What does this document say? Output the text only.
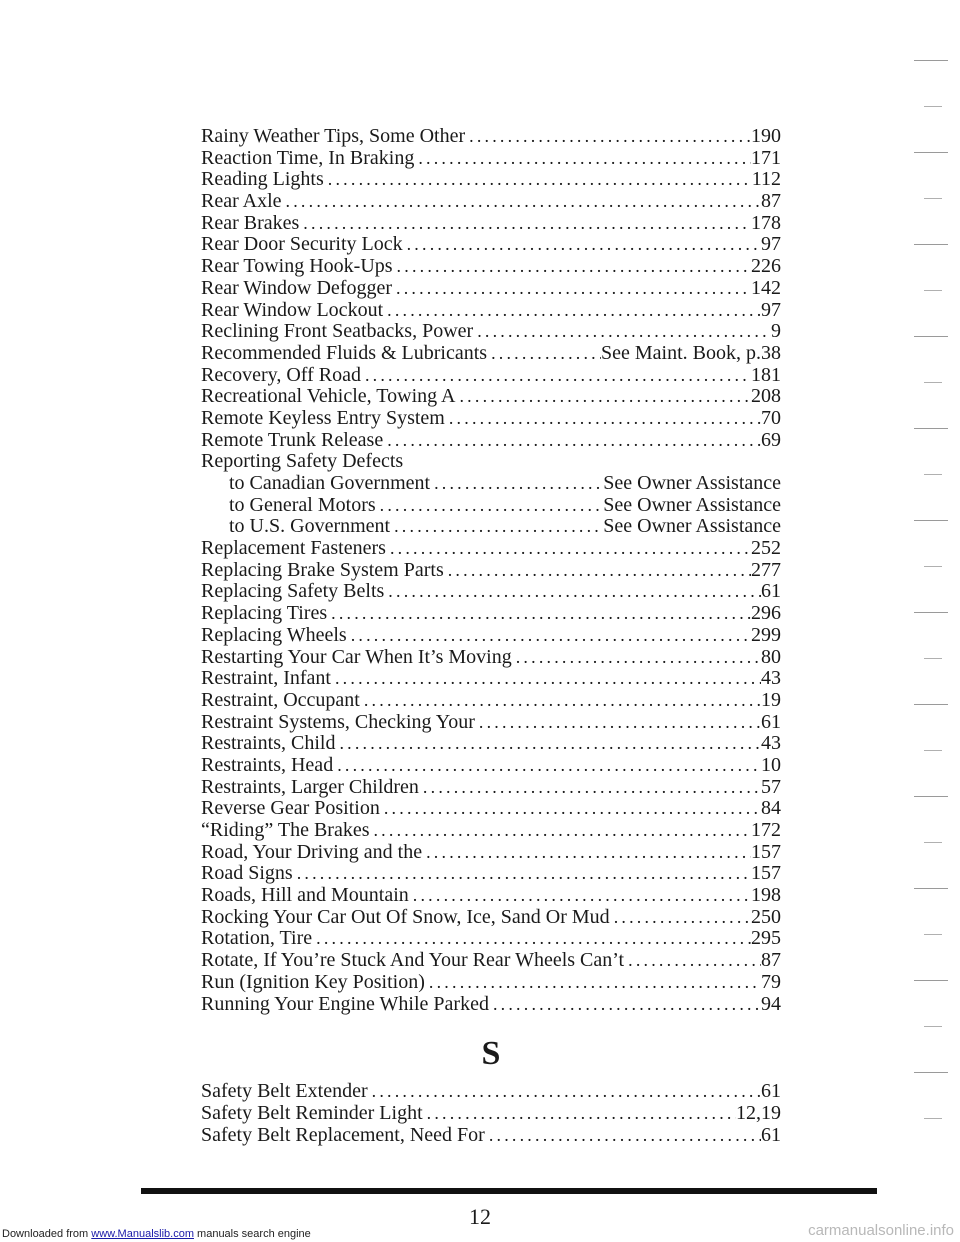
Rainy Weather Tips, Some Other .....	190
Reaction Time, In Braking .....	171
Reading Lights .....	112
Rear Axle .....	87
Rear Brakes .....	178
Rear Door Security Lock .....	97
Rear Towing Hook-Ups .....	226
Rear Window Defogger .....	142
Rear Window Lockout .....	97
Reclining Front Seatbacks, Power .....	9
Recommended Fluids & Lubricants .....	See Maint. Book, p.38
Recovery, Off Road .....	181
Recreational Vehicle, Towing A .....	208
Remote Keyless Entry System .....	70
Remote Trunk Release .....	69
Reporting Safety Defects
to Canadian Government .....	See Owner Assistance
to General Motors .....	See Owner Assistance
to U.S. Government .....	See Owner Assistance
Replacement Fasteners .....	252
Replacing Brake System Parts .....	277
Replacing Safety Belts .....	61
Replacing Tires .....	296
Replacing Wheels .....	299
Restarting Your Car When It’s Moving .....	80
Restraint, Infant .....	43
Restraint, Occupant .....	19
Restraint Systems, Checking Your .....	61
Restraints, Child .....	43
Restraints, Head .....	10
Restraints, Larger Children .....	57
Reverse Gear Position .....	84
“Riding” The Brakes .....	172
Road, Your Driving and the .....	157
Road Signs .....	157
Roads, Hill and Mountain .....	198
Rocking Your Car Out Of Snow, Ice, Sand Or Mud .....	250
Rotation, Tire .....	295
Rotate, If You’re Stuck And Your Rear Wheels Can’t .....	87
Run (Ignition Key Position) .....	79
Running Your Engine While Parked .....	94
S
Safety Belt Extender .....	61
Safety Belt Reminder Light .....	12,19
Safety Belt Replacement, Need For .....	61
12
Downloaded from www.Manualslib.com manuals search engine	carmanualsonline.info
